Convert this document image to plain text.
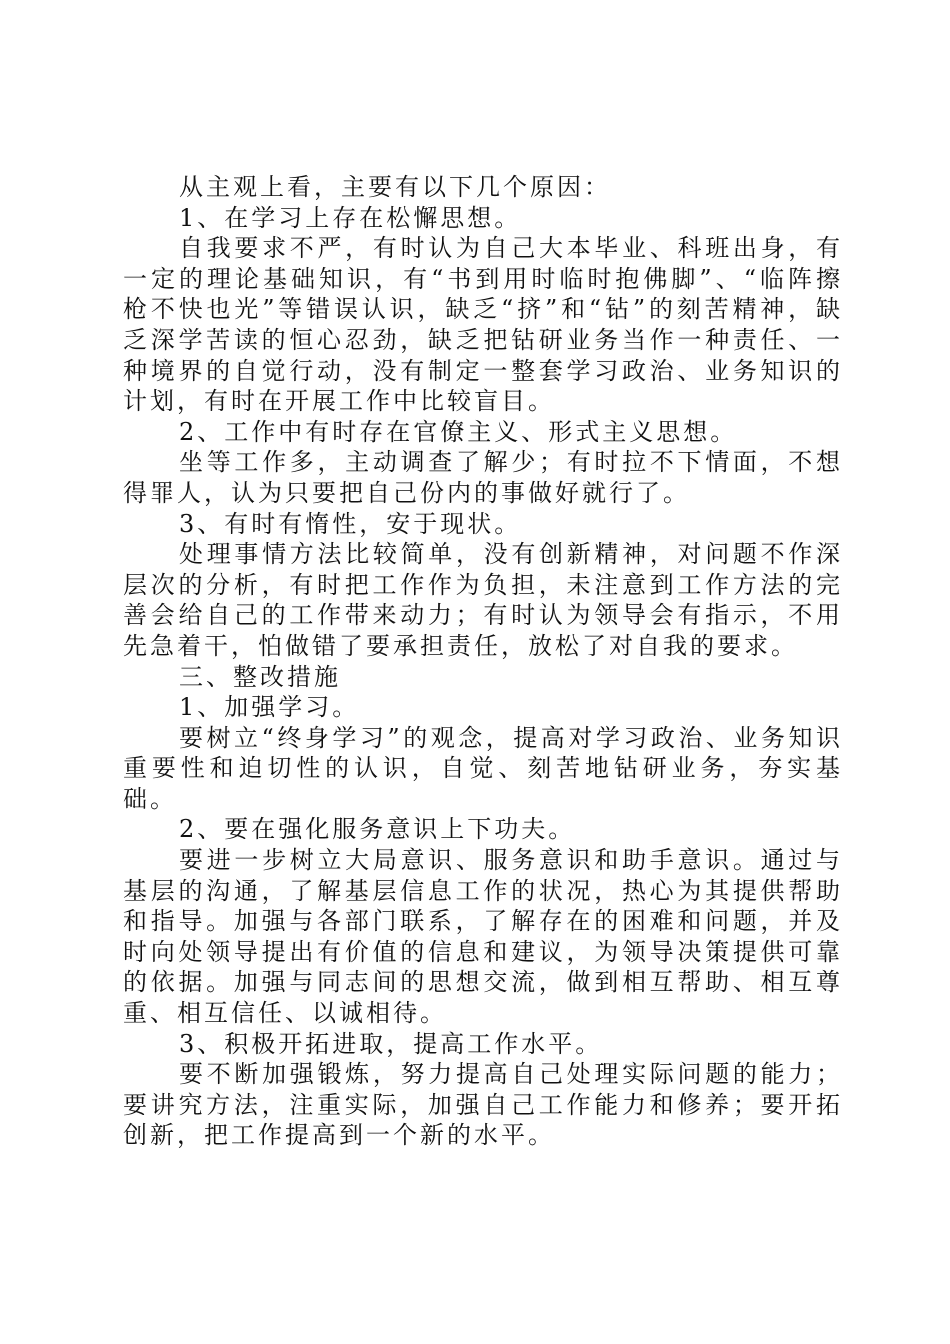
从主观上看，主要有以下几个原因：

1、在学习上存在松懈思想。

自我要求不严，有时认为自己大本毕业、科班出身，有一定的理论基础知识，有“书到用时临时抱佛脚”、“临阵擦枪不快也光”等错误认识，缺乏“挤”和“钻”的刻苦精神，缺乏深学苦读的恒心忍劲，缺乏把钻研业务当作一种责任、一种境界的自觉行动，没有制定一整套学习政治、业务知识的计划，有时在开展工作中比较盲目。

2、工作中有时存在官僚主义、形式主义思想。

坐等工作多，主动调查了解少；有时拉不下情面，不想得罪人，认为只要把自己份内的事做好就行了。

3、有时有惰性，安于现状。

处理事情方法比较简单，没有创新精神，对问题不作深层次的分析，有时把工作作为负担，未注意到工作方法的完善会给自己的工作带来动力；有时认为领导会有指示，不用先急着干，怕做错了要承担责任，放松了对自我的要求。

三、整改措施

1、加强学习。

要树立“终身学习”的观念，提高对学习政治、业务知识重要性和迫切性的认识，自觉、刻苦地钻研业务，夯实基础。

2、要在强化服务意识上下功夫。

要进一步树立大局意识、服务意识和助手意识。通过与基层的沟通，了解基层信息工作的状况，热心为其提供帮助和指导。加强与各部门联系，了解存在的困难和问题，并及时向处领导提出有价值的信息和建议，为领导决策提供可靠的依据。加强与同志间的思想交流，做到相互帮助、相互尊重、相互信任、以诚相待。

3、积极开拓进取，提高工作水平。

要不断加强锻炼，努力提高自己处理实际问题的能力；要讲究方法，注重实际，加强自己工作能力和修养；要开拓创新，把工作提高到一个新的水平。
